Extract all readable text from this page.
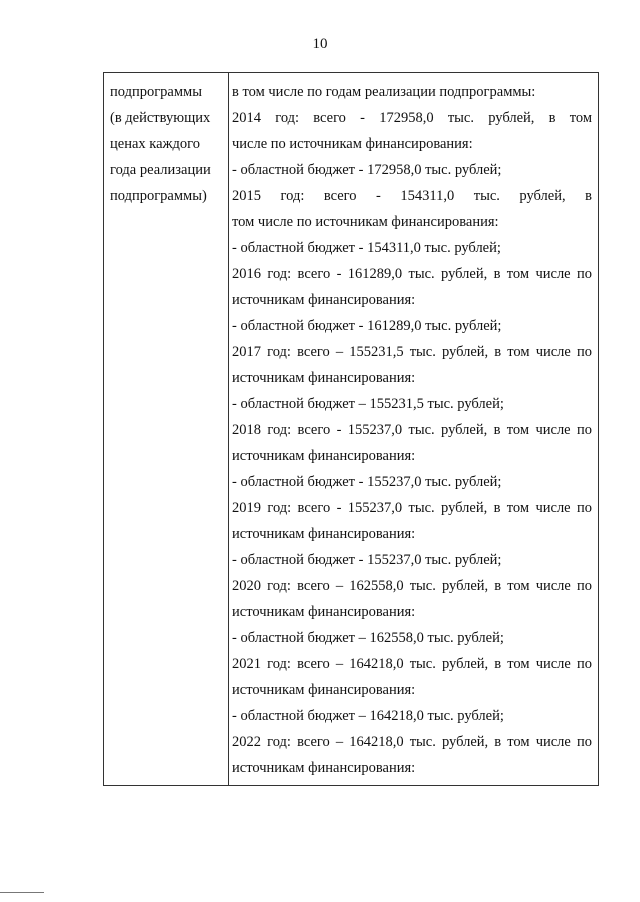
10
подпрограммы
(в действующих
ценах каждого
года реализации
подпрограммы)
в том числе по годам реализации подпрограммы:
2014 год: всего - 172958,0 тыс. рублей, в том
числе по источникам финансирования:
- областной бюджет - 172958,0 тыс. рублей;
2015 год: всего - 154311,0 тыс. рублей, в
том числе по источникам финансирования:
- областной бюджет - 154311,0 тыс. рублей;
2016 год: всего - 161289,0 тыс. рублей, в том числе по
источникам финансирования:
- областной бюджет - 161289,0 тыс. рублей;
2017 год: всего – 155231,5 тыс. рублей, в том числе по
источникам финансирования:
- областной бюджет – 155231,5 тыс. рублей;
2018 год: всего - 155237,0 тыс. рублей, в том числе по
источникам финансирования:
- областной бюджет - 155237,0 тыс. рублей;
2019 год: всего - 155237,0 тыс. рублей, в том числе по
источникам финансирования:
- областной бюджет - 155237,0 тыс. рублей;
2020 год: всего – 162558,0 тыс. рублей, в том числе по
источникам финансирования:
- областной бюджет – 162558,0 тыс. рублей;
2021 год: всего – 164218,0 тыс. рублей, в том числе по
источникам финансирования:
- областной бюджет – 164218,0 тыс. рублей;
2022 год: всего – 164218,0 тыс. рублей, в том числе по
источникам финансирования:
